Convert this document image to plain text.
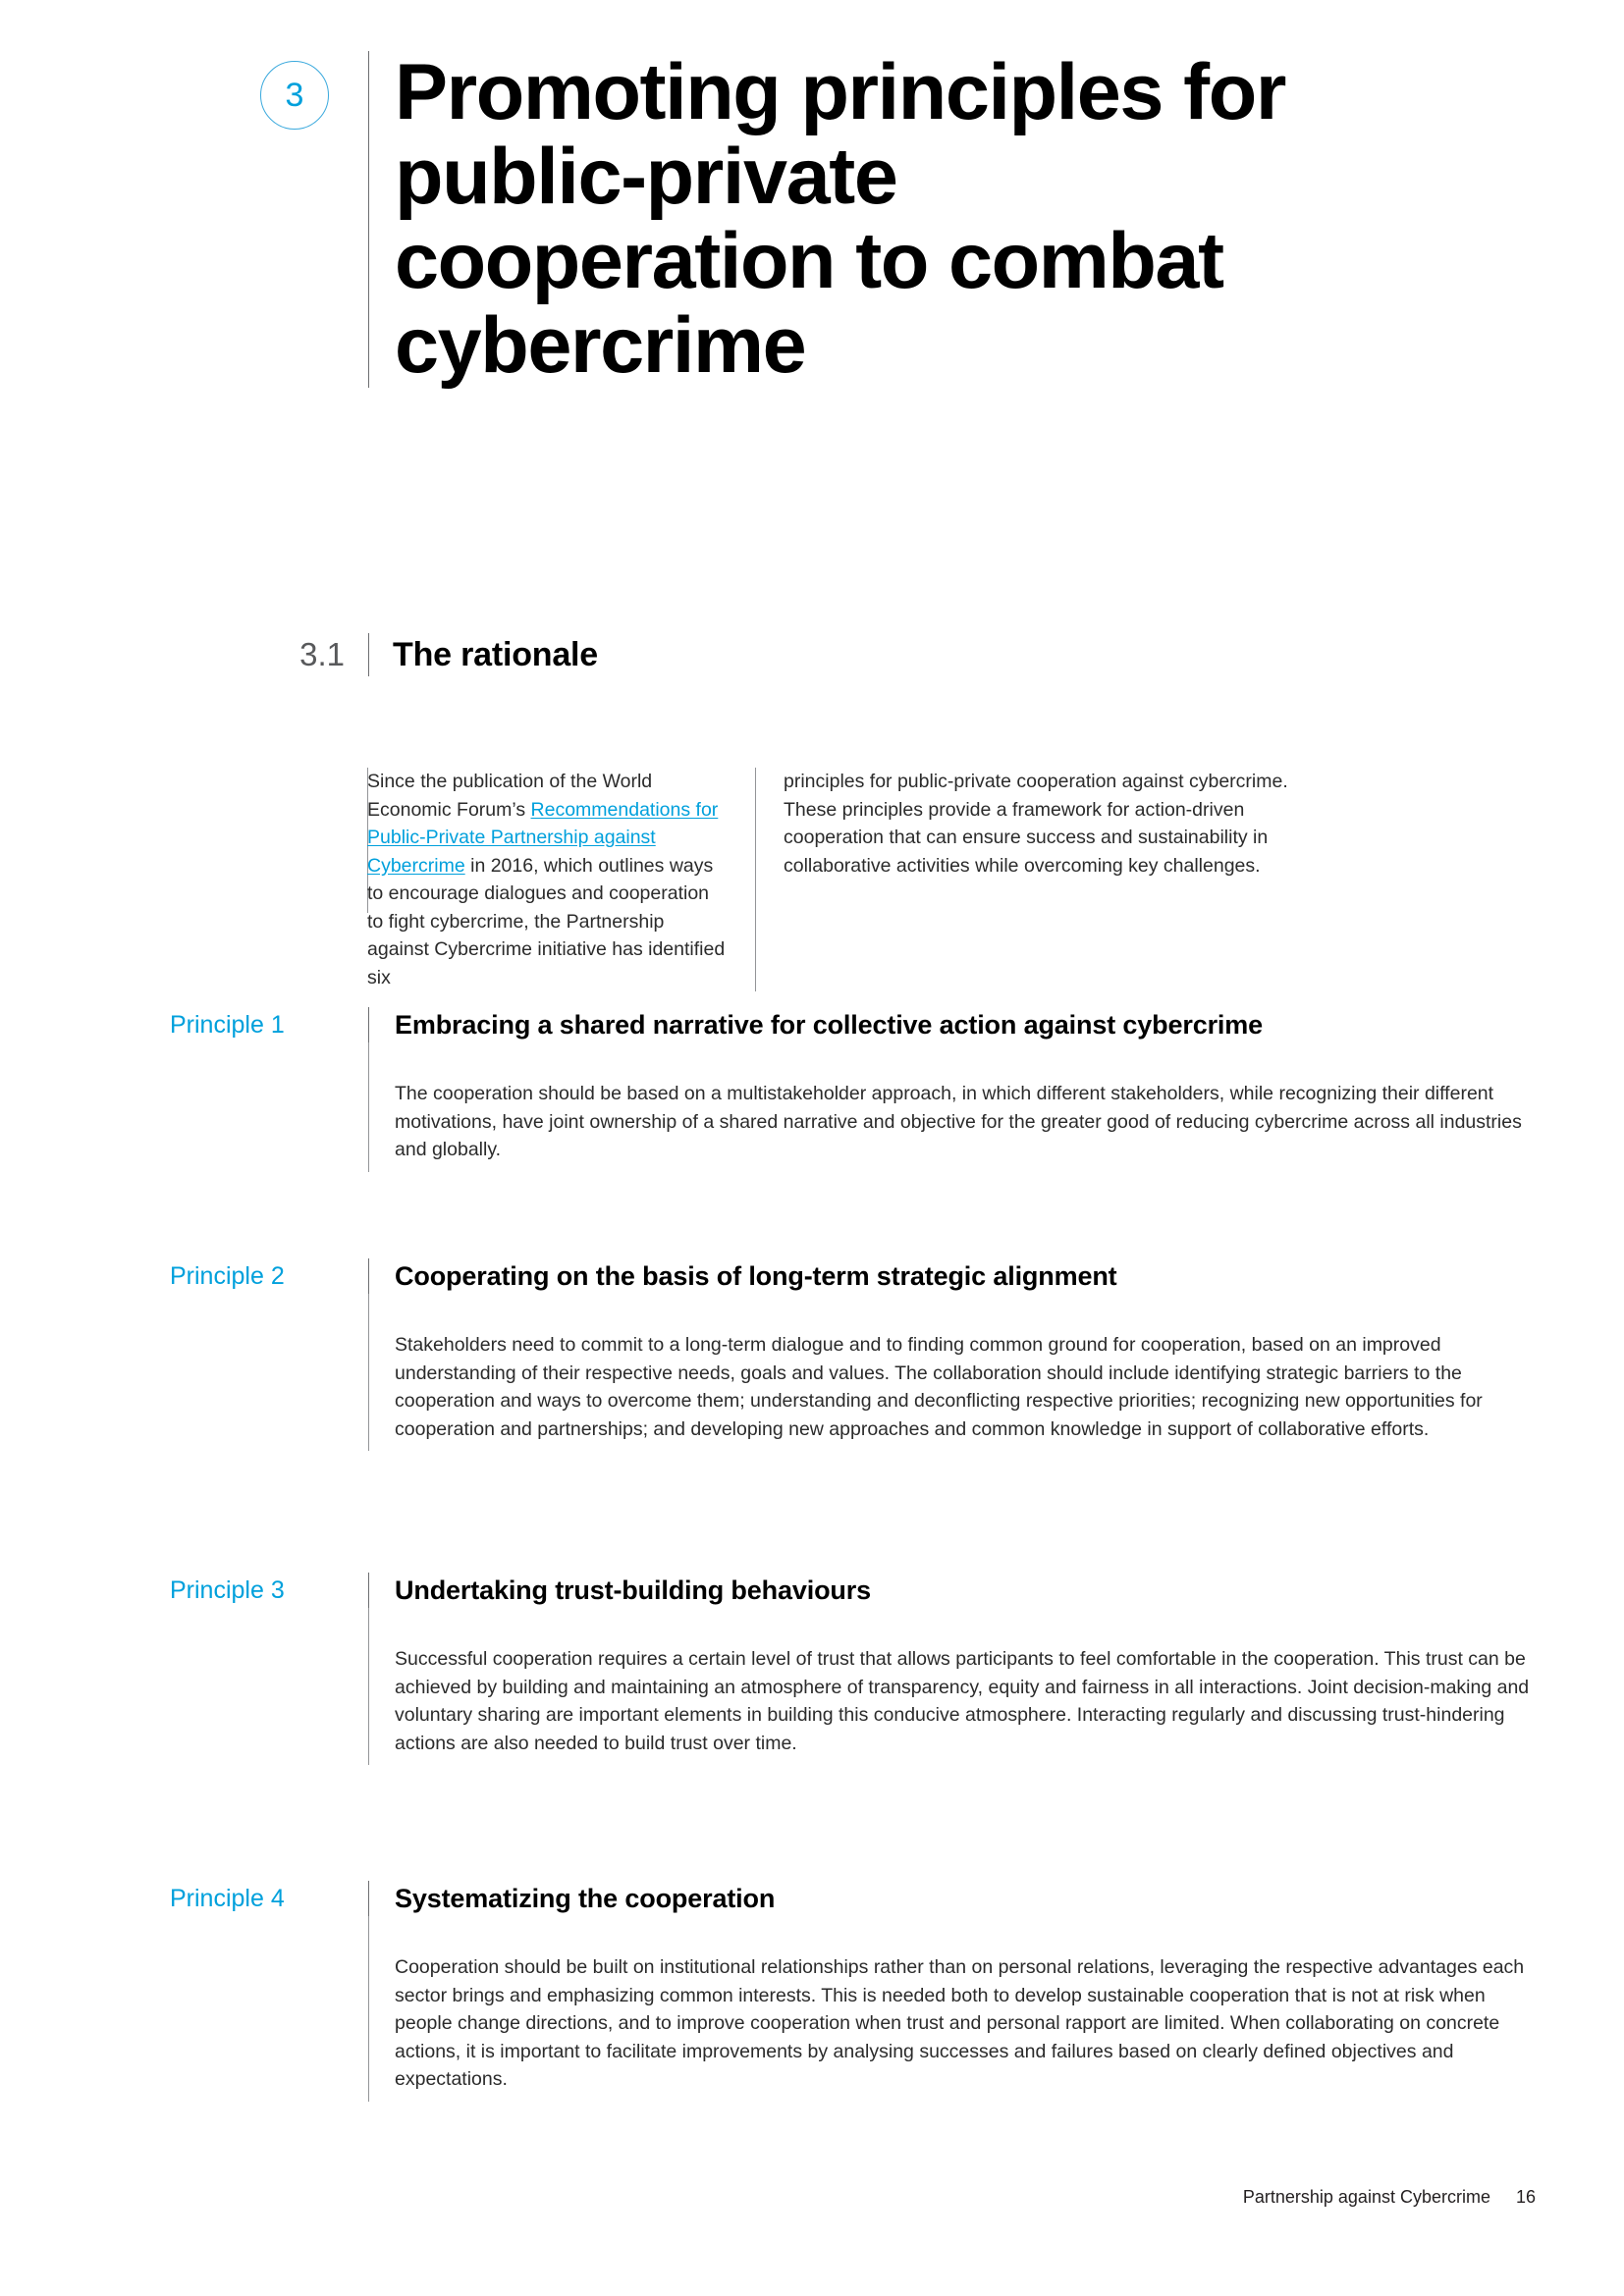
3	Promoting principles for public-private cooperation to combat cybercrime
3.1	The rationale
Since the publication of the World Economic Forum’s Recommendations for Public-Private Partnership against Cybercrime in 2016, which outlines ways to encourage dialogues and cooperation to fight cybercrime, the Partnership against Cybercrime initiative has identified six
principles for public-private cooperation against cybercrime. These principles provide a framework for action-driven cooperation that can ensure success and sustainability in collaborative activities while overcoming key challenges.
Principle 1	Embracing a shared narrative for collective action against cybercrime
The cooperation should be based on a multistakeholder approach, in which different stakeholders, while recognizing their different motivations, have joint ownership of a shared narrative and objective for the greater good of reducing cybercrime across all industries and globally.
Principle 2	Cooperating on the basis of long-term strategic alignment
Stakeholders need to commit to a long-term dialogue and to finding common ground for cooperation, based on an improved understanding of their respective needs, goals and values. The collaboration should include identifying strategic barriers to the cooperation and ways to overcome them; understanding and deconflicting respective priorities; recognizing new opportunities for cooperation and partnerships; and developing new approaches and common knowledge in support of collaborative efforts.
Principle 3	Undertaking trust-building behaviours
Successful cooperation requires a certain level of trust that allows participants to feel comfortable in the cooperation. This trust can be achieved by building and maintaining an atmosphere of transparency, equity and fairness in all interactions. Joint decision-making and voluntary sharing are important elements in building this conducive atmosphere. Interacting regularly and discussing trust-hindering actions are also needed to build trust over time.
Principle 4	Systematizing the cooperation
Cooperation should be built on institutional relationships rather than on personal relations, leveraging the respective advantages each sector brings and emphasizing common interests. This is needed both to develop sustainable cooperation that is not at risk when people change directions, and to improve cooperation when trust and personal rapport are limited. When collaborating on concrete actions, it is important to facilitate improvements by analysing successes and failures based on clearly defined objectives and expectations.
Partnership against Cybercrime 16
